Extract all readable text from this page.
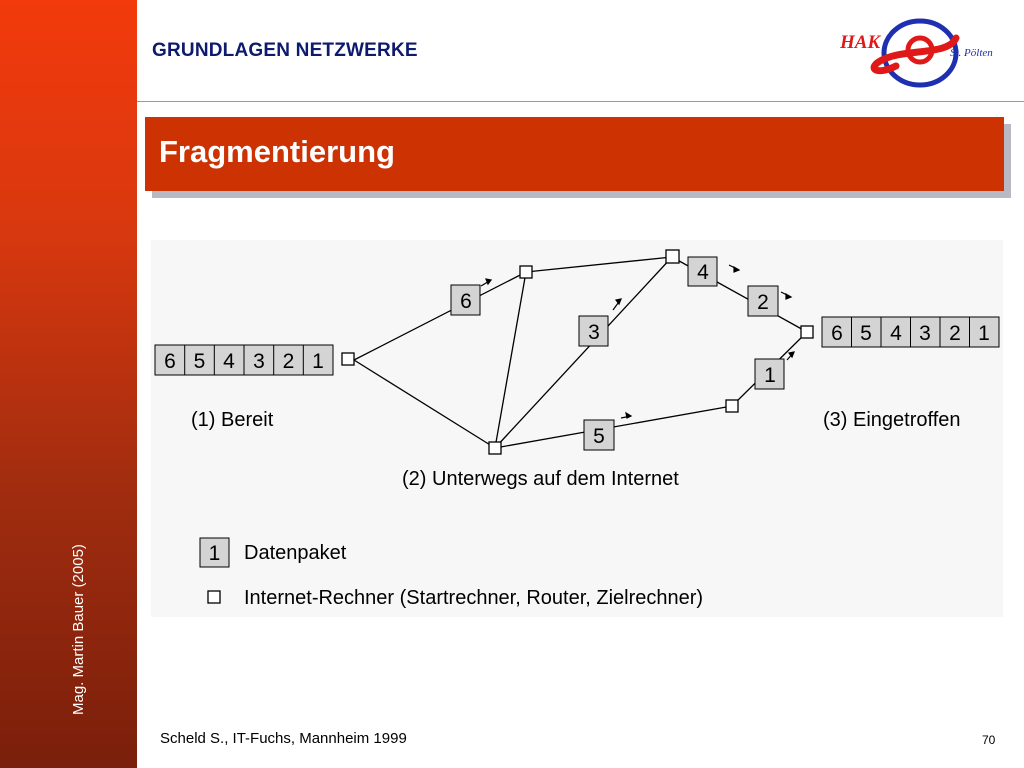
Mag. Martin Bauer (2005)
GRUNDLAGEN NETZWERKE	HAK	St. Pölten
Fragmentierung
6 5 4 3 2 1
6 5 4 3 2 1
6
3
4
2
5
1
(1) Bereit
(2) Unterwegs auf dem Internet
(3) Eingetroffen
1 Datenpaket
Internet-Rechner (Startrechner, Router, Zielrechner)
Scheld S., IT-Fuchs, Mannheim 1999	70
